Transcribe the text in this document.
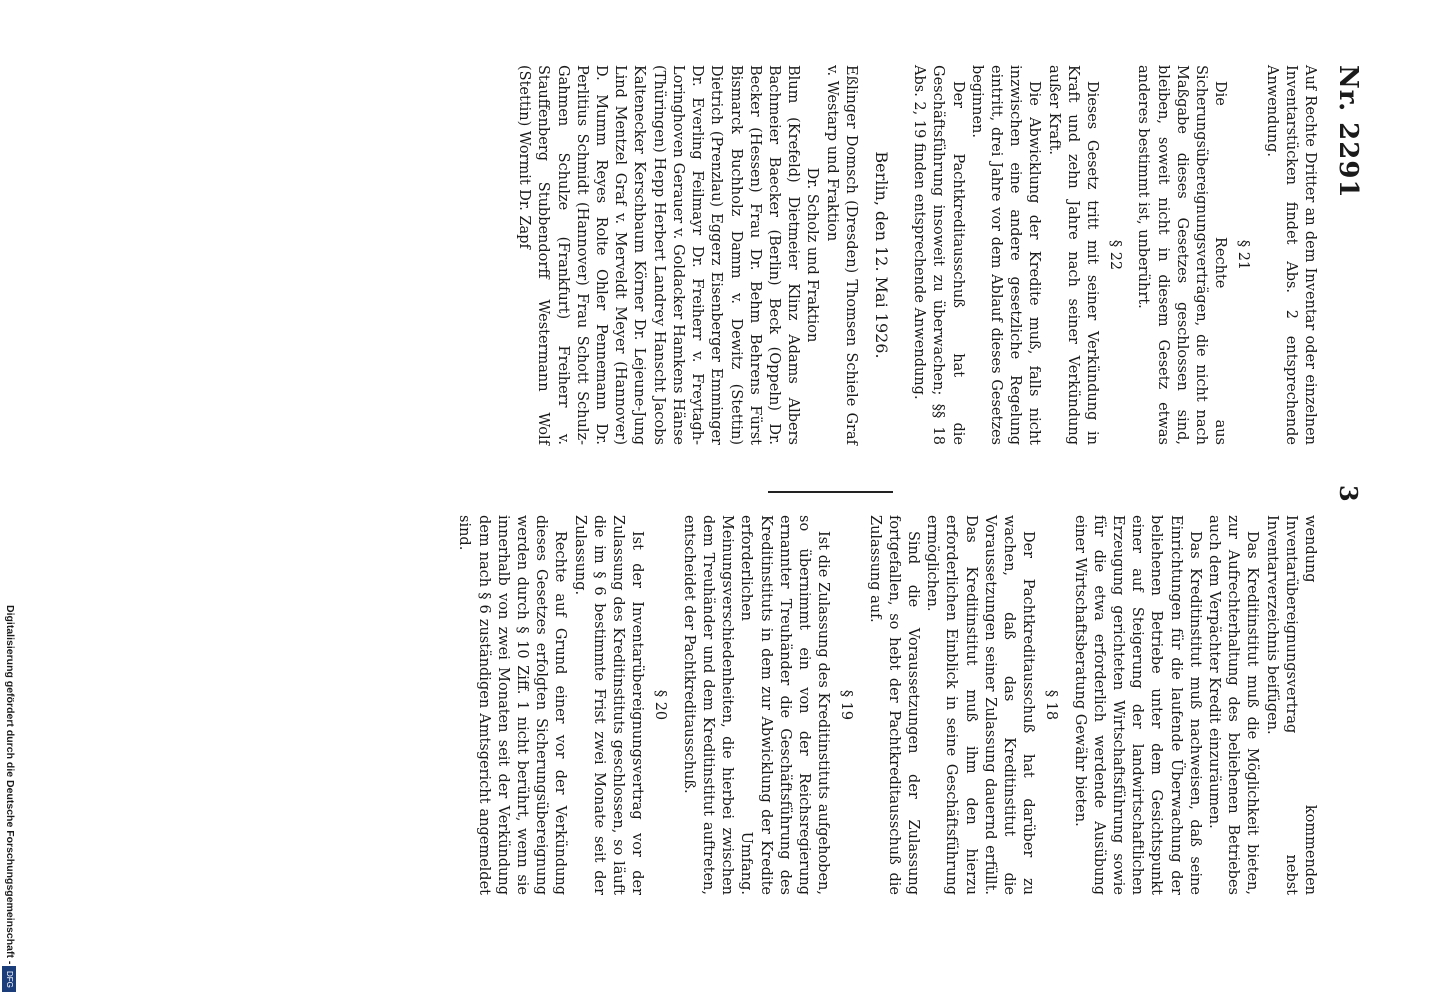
Nr. 2291
3

Auf Rechte Dritter an dem Inventar oder einzelnen Inventarstücken findet Abs. 2 entsprechende Anwendung.

§ 21

Die Rechte aus Sicherungsübereignungsverträgen, die nicht nach Maßgabe dieses Gesetzes geschlossen sind, bleiben, soweit nicht in diesem Gesetz etwas anderes bestimmt ist, unberührt.

§ 22

Dieses Gesetz tritt mit seiner Verkündung in Kraft und zehn Jahre nach seiner Verkündung außer Kraft.

Die Abwicklung der Kredite muß, falls nicht inzwischen eine andere gesetzliche Regelung eintritt, drei Jahre vor dem Ablauf dieses Gesetzes beginnen.

Der Pachtkreditausschuß hat die Geschäftsführung insoweit zu überwachen; §§ 18 Abs. 2, 19 finden entsprechende Anwendung.

Berlin, den 12. Mai 1926.

Eßlinger Domsch (Dresden) Thomsen Schiele Graf v. Westarp und Fraktion

Dr. Scholz und Fraktion

Blum (Krefeld) Dietmeier Klinz Adams Albers Bachmeier Baecker (Berlin) Beck (Oppeln) Dr. Becker (Hessen) Frau Dr. Behm Behrens Fürst Bismarck Buchholz Damm v. Dewitz (Stettin) Dietrich (Prenzlau) Eggerz Eisenberger Emminger Dr. Everling Feilmayr Dr. Freiherr v. Freytagh-Loringhoven Gerauer v. Goldacker Hamkens Hänse (Thüringen) Hepp Herbert Landrey Hanscht Jacobs Kaltenecker Kerschbaum Körner Dr. Lejeune-Jung Lind Mentzel Graf v. Merveldt Meyer (Hannover) D. Mumm Reyes Rolte Ohler Pennemann Dr. Perlitius Schmidt (Hannover) Frau Schott Schulz-Gahmen Schulze (Frankfurt) Freiherr v. Stauffenberg Stubbendorff Westermann Wolf (Stettin) Wormit Dr. Zapf

wendung kommenden Inventarübereignungsvertrag nebst Inventarverzeichnis beifügen.

Das Kreditinstitut muß die Möglichkeit bieten, zur Aufrechterhaltung des beliehenen Betriebes auch dem Verpächter Kredit einzuräumen.

Das Kreditinstitut muß nachweisen, daß seine Einrichtungen für die laufende Überwachung der beliehenen Betriebe unter dem Gesichtspunkt einer auf Steigerung der landwirtschaftlichen Erzeugung gerichteten Wirtschaftsführung sowie für die etwa erforderlich werdende Ausübung einer Wirtschaftsberatung Gewähr bieten.

§ 18

Der Pachtkreditausschuß hat darüber zu wachen, daß das Kreditinstitut die Voraussetzungen seiner Zulassung dauernd erfüllt. Das Kreditinstitut muß ihm den hierzu erforderlichen Einblick in seine Geschäftsführung ermöglichen.

Sind die Voraussetzungen der Zulassung fortgefallen, so hebt der Pachtkreditausschuß die Zulassung auf.

§ 19

Ist die Zulassung des Kreditinstituts aufgehoben, so übernimmt ein von der Reichsregierung ernannter Treuhänder die Geschäftsführung des Kreditinstituts in dem zur Abwicklung der Kredite erforderlichen Umfang. Meinungsverschiedenheiten, die hierbei zwischen dem Treuhänder und dem Kreditinstitut auftreten, entscheidet der Pachtkreditausschuß.

§ 20

Ist der Inventarübereignungsvertrag vor der Zulassung des Kreditinstituts geschlossen, so läuft die im § 6 bestimmte Frist zwei Monate seit der Zulassung.

Rechte auf Grund einer vor der Verkündung dieses Gesetzes erfolgten Sicherungsübereignung werden durch § 10 Ziff. 1 nicht berührt, wenn sie innerhalb von zwei Monaten seit der Verkündung dem nach § 6 zuständigen Amtsgericht angemeldet sind.

Digitalisierung gefördert durch die Deutsche Forschungsgemeinschaft -
DFG
